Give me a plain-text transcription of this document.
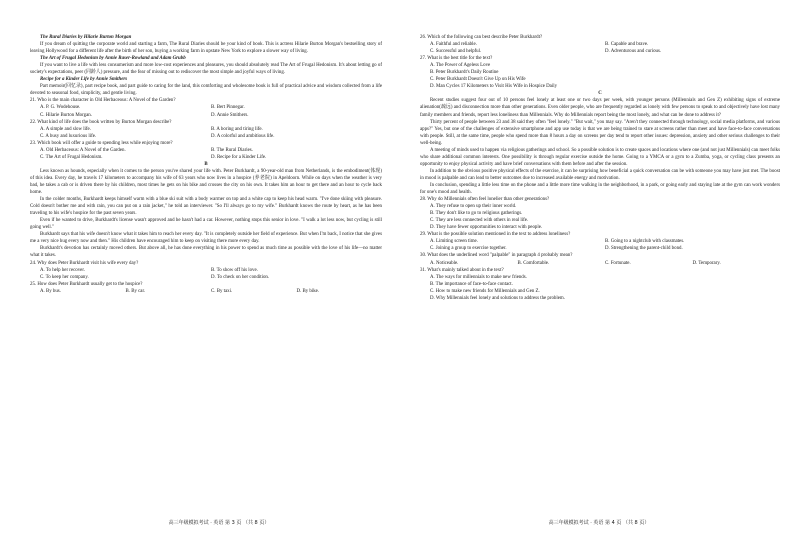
The Rural Diaries by Hilarie Burton Morgan

If you dream of quitting the corporate world and starting a farm, The Rural Diaries should be your kind of book. This is actress Hilarie Burton Morgan's bestselling story of leaving Hollywood for a different life after the birth of her son, buying a working farm in upstate New York to explore a slower way of living.

The Art of Frugal Hedonism by Annie Raser-Rowland and Adam Grubb

If you want to live a life with less consumerism and more low-cost experiences and pleasures, you should absolutely read The Art of Frugal Hedonism. It's about letting go of society's expectations, peer (同龄人) pressure, and the fear of missing out to rediscover the most simple and joyful ways of living.

Recipe for a Kinder Life by Annie Smithers

Part memoir(回忆录), part recipe book, and part guide to caring for the land, this comforting and wholesome book is full of practical advice and wisdom collected from a life devoted to seasonal food, simplicity, and gentle living.

21. Who is the main character in Old Herbaceous: A Novel of the Garden?
A. P. G. Wodehouse.	B. Bert Pinnegar.
C. Hilarie Burton Morgan.	D. Annie Smithers.
22. What kind of life does the book written by Burton Morgan describe?
A. A simple and slow life.	B. A boring and tiring life.
C. A busy and luxurious life.	D. A colorful and ambitious life.
23. Which book will offer a guide to spending less while enjoying more?
A. Old Herbaceous: A Novel of the Garden.	B. The Rural Diaries.
C. The Art of Frugal Hedonism.	D. Recipe for a Kinder Life.
B

Less known as hounds, especially when it comes to the person you've shared your life with. Peter Burkhardt, a 90-year-old man from Netherlands, is the embodiment(体现) of this idea. Every day, he travels 17 kilometers to accompany his wife of 63 years who now lives in a hospice (养老院) in Apeldoorn. While on days when the weather is very bad, he takes a cab or is driven there by his children, most times he gets on his bike and crosses the city on his own. It takes him an hour to get there and an hour to cycle back home.

In the colder months, Burkhardt keeps himself warm with a blue ski suit with a body warmer on top and a white cap to keep his head warm. "I've done skiing with pleasure. Cold doesn't bother me and with rain, you can put on a rain jacket," he told an interviewer. "So I'll always go to my wife." Burkhardt knows the route by heart, as he has been traveling to his wife's hospice for the past seven years.

Even if he wanted to drive, Burkhardt's license wasn't approved and he hasn't had a car. However, nothing stops this senior in love. "I walk a lot less now, but cycling is still going well."

Burkhardt says that his wife doesn't know what it takes him to reach her every day. "It is completely outside her field of experience. But when I'm back, I notice that she gives me a very nice hug every now and then." His children have encouraged him to keep on visiting there more every day.

Burkhardt's devotion has certainly moved others. But above all, he has done everything in his power to spend as much time as possible with the love of his life—no matter what it takes.

24. Why does Peter Burkhardt visit his wife every day?
A. To help her recover.	B. To show off his love.
C. To keep her company.	D. To check on her condition.
25. How does Peter Burkhardt usually get to the hospice?
A. By bus.	B. By car.	C. By taxi.	D. By bike.
高三年级模拟考试 · 英语 第 3 页 （共 8 页）
26. Which of the following can best describe Peter Burkhardt?
A. Faithful and reliable.	B. Capable and brave.
C. Successful and helpful.	D. Adventurous and curious.
27. What is the best title for the text?
A. The Power of Ageless Love
B. Peter Burkhardt's Daily Routine
C. Peter Burkhardt Doesn't Give Up on His Wife
D. Man Cycles 17 Kilometers to Visit His Wife in Hospice Daily
C

Recent studies suggest four out of 10 persons feel lonely at least one or two days per week, with younger persons (Millennials and Gen Z) exhibiting signs of extreme alienation(疏远) and disconnection more than other generations. Even older people, who are frequently regarded as lonely with few persons to speak to and objectively have lost many family members and friends, report less loneliness than Millennials. Why do Millennials report being the most lonely, and what can be done to address it?

Thirty percent of people between 23 and 38 said they often "feel lonely." "But wait," you may say. "Aren't they connected through technology, social media platforms, and various apps?" Yes, but one of the challenges of extensive smartphone and app use today is that we are being trained to stare at screens rather than meet and have face-to-face conversations with people. Still, at the same time, people who spend more than 8 hours a day on screens per day tend to report other issues: depression, anxiety and other serious challenges to their well-being.

A meeting of minds used to happen via religious gatherings and school. So a possible solution is to create spaces and locations where one (and not just Millennials) can meet folks who share additional common interests. One possibility is through regular exercise outside the home. Going to a YMCA or a gym to a Zumba, yoga, or cycling class presents an opportunity to enjoy physical activity and have brief conversations with them before and after the session.

In addition to the obvious positive physical effects of the exercise, it can be surprising how beneficial a quick conversation can be with someone you may have just met. The boost in mood is palpable and can lead to better outcomes due to increased available energy and motivation.

In conclusion, spending a little less time on the phone and a little more time walking in the neighborhood, in a park, or going early and staying late at the gym can work wonders for one's mood and health.

28. Why do Millennials often feel lonelier than other generations?
A. They refuse to open up their inner world.
B. They don't like to go to religious gatherings.
C. They are less connected with others in real life.
D. They have fewer opportunities to interact with people.
29. What is the possible solution mentioned in the text to address loneliness?
A. Limiting screen time.	B. Going to a nightclub with classmates.
C. Joining a group to exercise together.	D. Strengthening the parent-child bond.
30. What does the underlined word "palpable" in paragraph 4 probably mean?
A. Noticeable.	B. Comfortable.	C. Fortunate.	D. Temporary.
31. What's mainly talked about in the text?
A. The ways for millennials to make new friends.
B. The importance of face-to-face contact.
C. How to make new friends for Millennials and Gen Z.
D. Why Millennials feel lonely and solutions to address the problem.
高三年级模拟考试 · 英语 第 4 页 （共 8 页）
